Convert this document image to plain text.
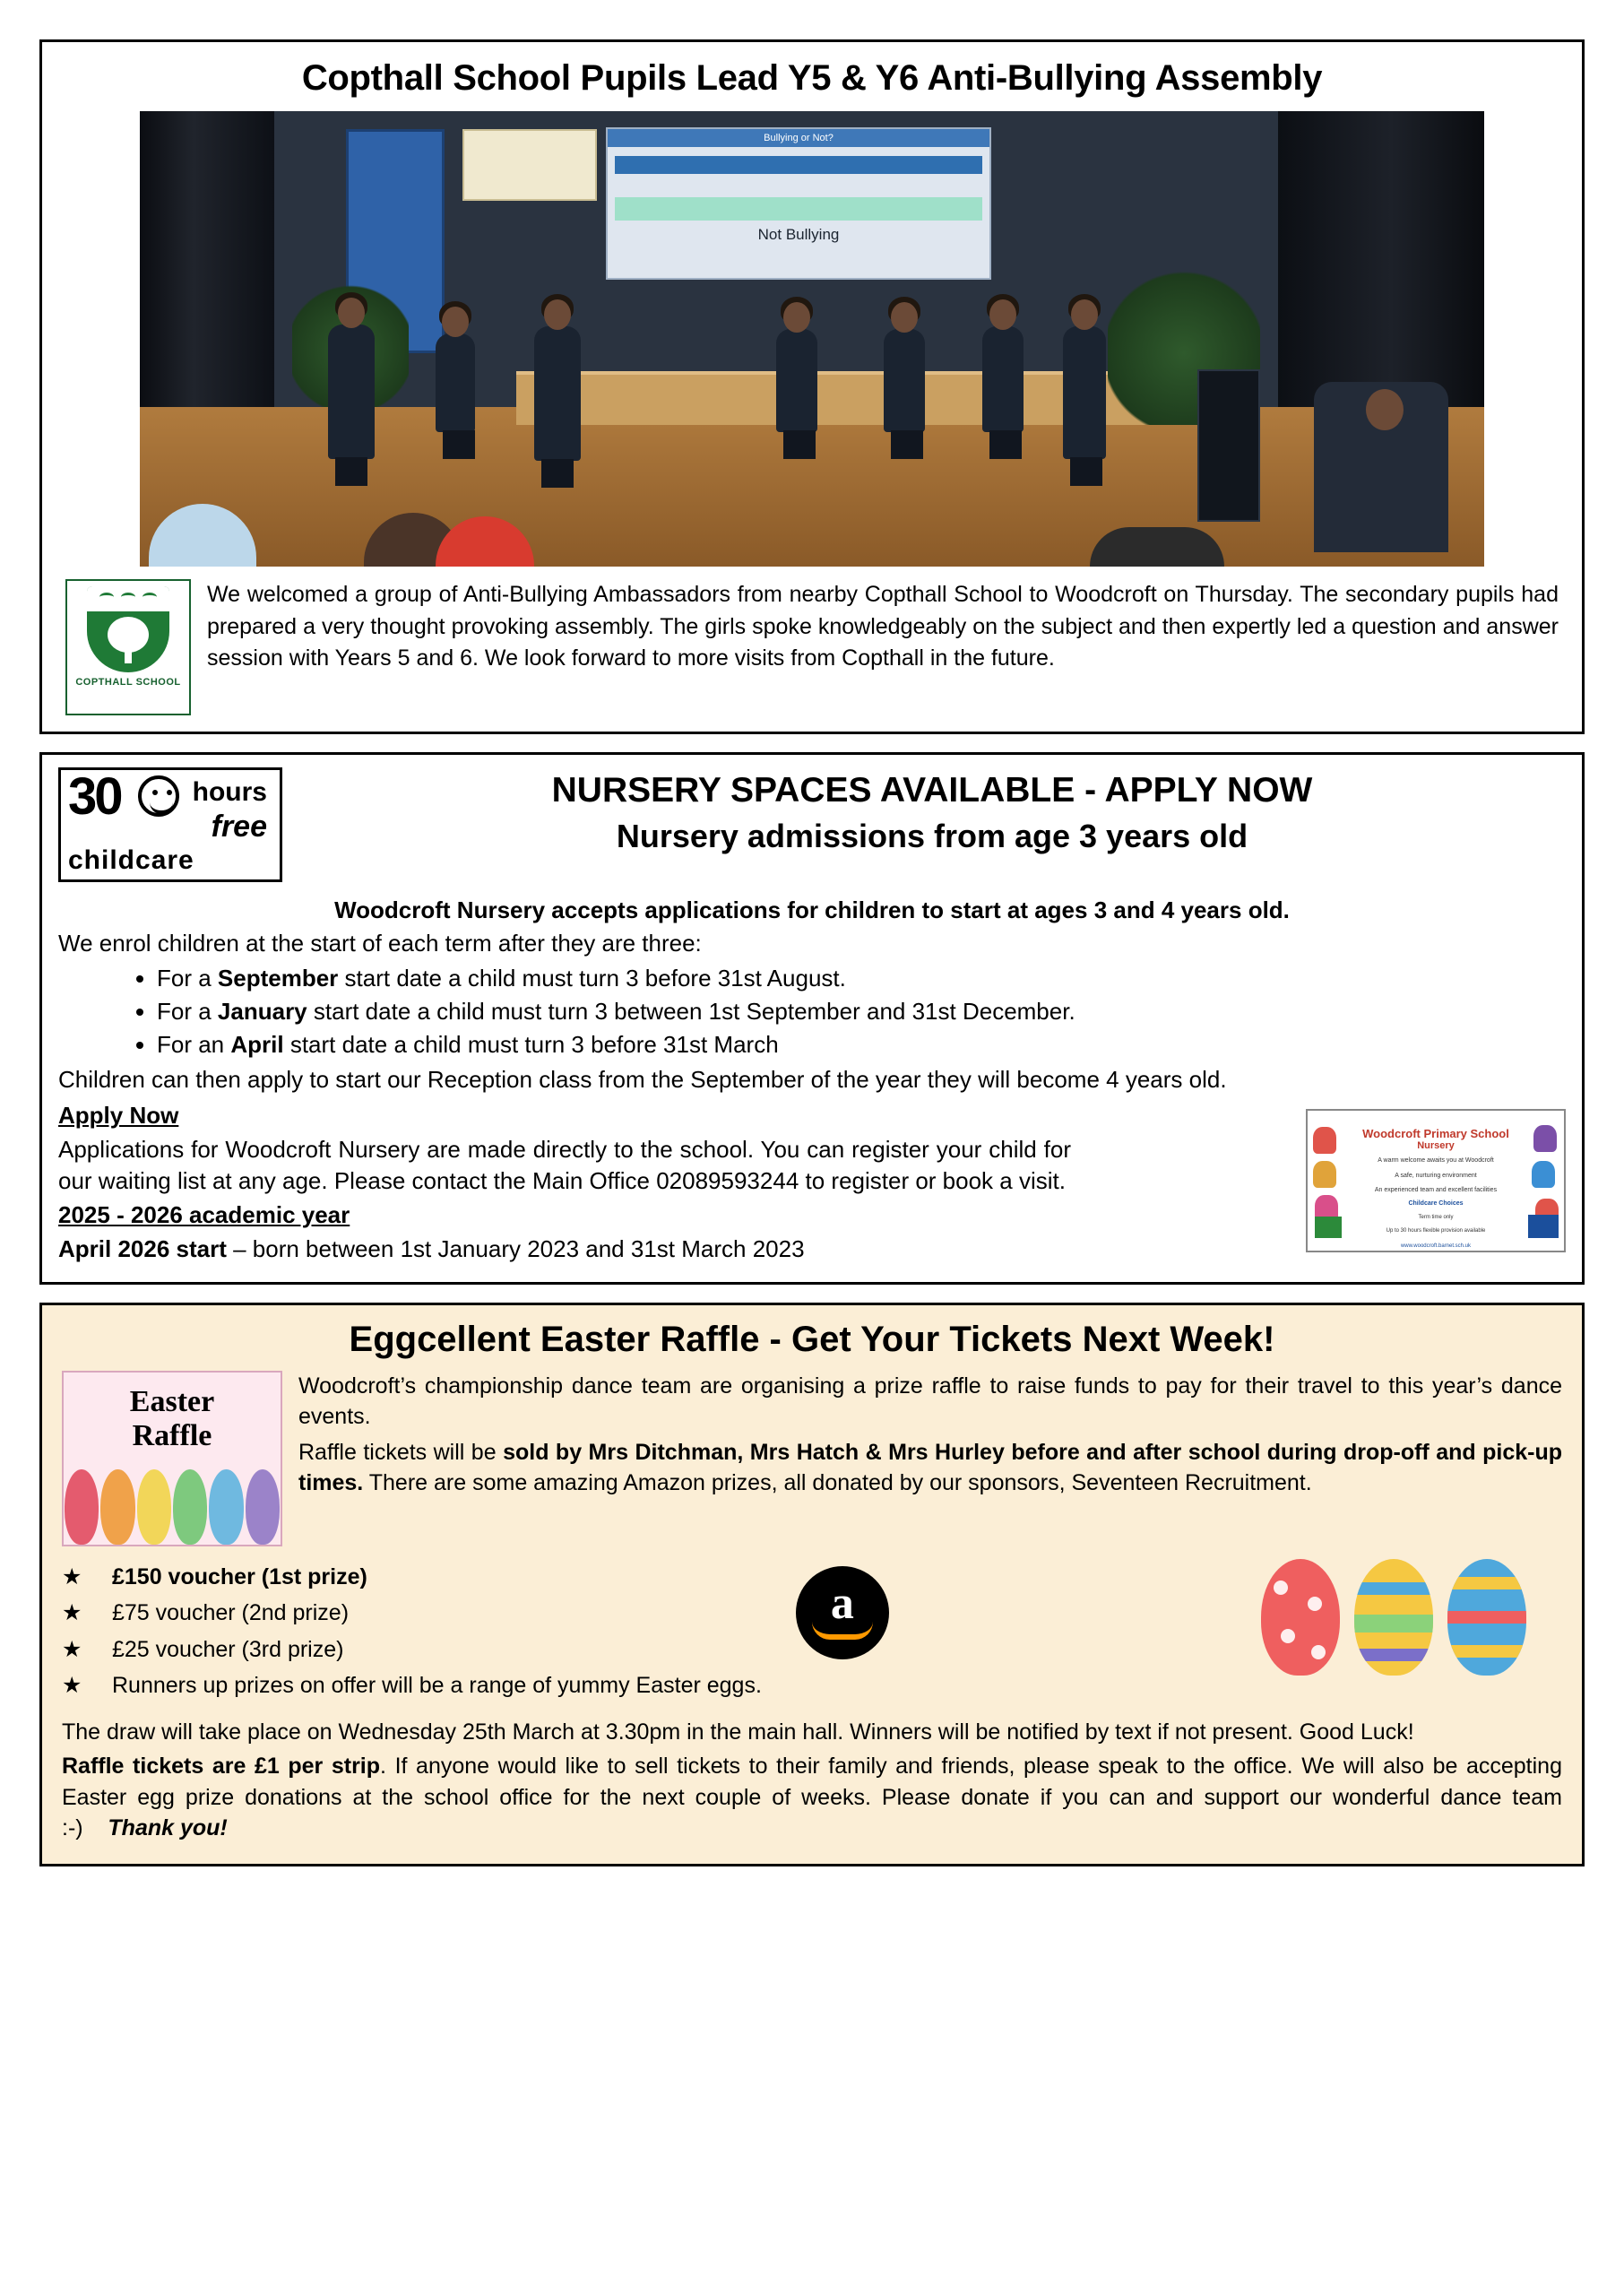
Copthall School Pupils Lead Y5 & Y6 Anti-Bullying Assembly
Bullying or Not?
Not Bullying
COPTHALL SCHOOL
We welcomed a group of Anti-Bullying Ambassadors from nearby Copthall School to Woodcroft on Thursday. The secondary pupils had prepared a very thought provoking assembly. The girls spoke knowledgeably on the subject and then expertly led a question and answer session with Years 5 and 6. We look forward to more visits from Copthall in the future.
30	hours
free
childcare
NURSERY SPACES AVAILABLE - APPLY NOW
Nursery admissions from age 3 years old
Woodcroft Nursery accepts applications for children to start at ages 3 and 4 years old.

We enrol children at the start of each term after they are three:

• For a September start date a child must turn 3 before 31st August.
• For a January start date a child must turn 3 between 1st September and 31st December.
• For an April start date a child must turn 3 before 31st March

Children can then apply to start our Reception class from the September of the year they will become 4 years old.

Woodcroft Primary School
Nursery
A warm welcome awaits you at Woodcroft
A safe, nurturing environment
An experienced team and excellent facilities
Childcare Choices
Term time only
Up to 30 hours flexible provision available
www.woodcroft.barnet.sch.uk

Apply Now

Applications for Woodcroft Nursery are made directly to the school. You can register your child for our waiting list at any age. Please contact the Main Office 02089593244 to register or book a visit.

2025 - 2026 academic year

April 2026 start – born between 1st January 2023 and 31st March 2023

Eggcellent Easter Raffle - Get Your Tickets Next Week!
Easter
Raffle

Woodcroft’s championship dance team are organising a prize raffle to raise funds to pay for their travel to this year’s dance events.

Raffle tickets will be sold by Mrs Ditchman, Mrs Hatch & Mrs Hurley before and after school during drop-off and pick-up times. There are some amazing Amazon prizes, all donated by our sponsors, Seventeen Recruitment.

★ £150 voucher (1st prize)
★ £75 voucher (2nd prize)
★ £25 voucher (3rd prize)
★ Runners up prizes on offer will be a range of yummy Easter eggs.
a

The draw will take place on Wednesday 25th March at 3.30pm in the main hall. Winners will be notified by text if not present. Good Luck!

Raffle tickets are £1 per strip. If anyone would like to sell tickets to their family and friends, please speak to the office. We will also be accepting Easter egg prize donations at the school office for the next couple of weeks. Please donate if you can and support our wonderful dance team :-) Thank you!
